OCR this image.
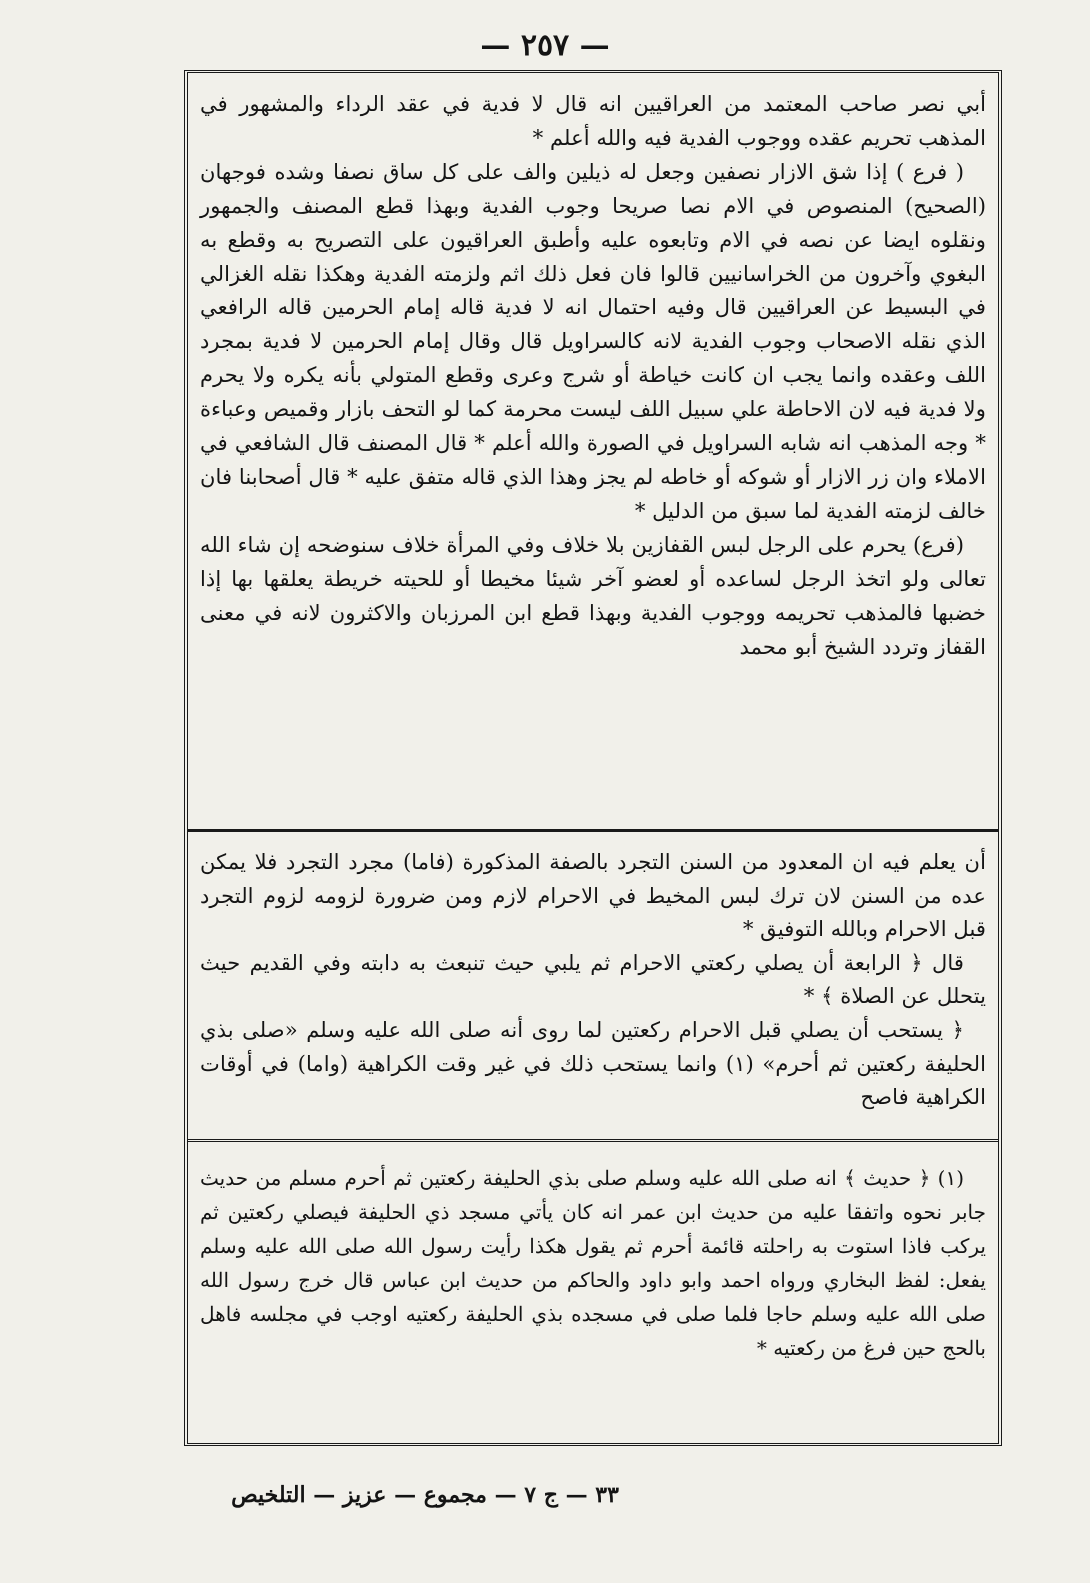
— ٢٥٧ —

أبي نصر صاحب المعتمد من العراقيين انه قال لا فدية في عقد الرداء والمشهور في المذهب تحريم عقده ووجوب الفدية فيه والله أعلم *

( فرع ) إذا شق الازار نصفين وجعل له ذيلين والف على كل ساق نصفا وشده فوجهان (الصحيح) المنصوص في الام نصا صريحا وجوب الفدية وبهذا قطع المصنف والجمهور ونقلوه ايضا عن نصه في الام وتابعوه عليه وأطبق العراقيون على التصريح به وقطع به البغوي وآخرون من الخراسانيين قالوا فان فعل ذلك اثم ولزمته الفدية وهكذا نقله الغزالي في البسيط عن العراقيين قال وفيه احتمال انه لا فدية قاله إمام الحرمين قاله الرافعي الذي نقله الاصحاب وجوب الفدية لانه كالسراويل قال وقال إمام الحرمين لا فدية بمجرد اللف وعقده وانما يجب ان كانت خياطة أو شرج وعرى وقطع المتولي بأنه يكره ولا يحرم ولا فدية فيه لان الاحاطة علي سبيل اللف ليست محرمة كما لو التحف بازار وقميص وعباءة * وجه المذهب انه شابه السراويل في الصورة والله أعلم * قال المصنف قال الشافعي في الاملاء وان زر الازار أو شوكه أو خاطه لم يجز وهذا الذي قاله متفق عليه * قال أصحابنا فان خالف لزمته الفدية لما سبق من الدليل *

(فرع) يحرم على الرجل لبس القفازين بلا خلاف وفي المرأة خلاف سنوضحه إن شاء الله تعالى ولو اتخذ الرجل لساعده أو لعضو آخر شيئا مخيطا أو للحيته خريطة يعلقها بها إذا خضبها فالمذهب تحريمه ووجوب الفدية وبهذا قطع ابن المرزبان والاكثرون لانه في معنى القفاز وتردد الشيخ أبو محمد

أن يعلم فيه ان المعدود من السنن التجرد بالصفة المذكورة (فاما) مجرد التجرد فلا يمكن عده من السنن لان ترك لبس المخيط في الاحرام لازم ومن ضرورة لزومه لزوم التجرد قبل الاحرام وبالله التوفيق *

قال ﴿ الرابعة أن يصلي ركعتي الاحرام ثم يلبي حيث تنبعث به دابته وفي القديم حيث يتحلل عن الصلاة ﴾ *

﴿ يستحب أن يصلي قبل الاحرام ركعتين لما روى أنه صلى الله عليه وسلم «صلى بذي الحليفة ركعتين ثم أحرم» (١) وانما يستحب ذلك في غير وقت الكراهية (واما) في أوقات الكراهية فاصح

(١) ﴿ حديث ﴾ انه صلى الله عليه وسلم صلى بذي الحليفة ركعتين ثم أحرم مسلم من حديث جابر نحوه واتفقا عليه من حديث ابن عمر انه كان يأتي مسجد ذي الحليفة فيصلي ركعتين ثم يركب فاذا استوت به راحلته قائمة أحرم ثم يقول هكذا رأيت رسول الله صلى الله عليه وسلم يفعل: لفظ البخاري ورواه احمد وابو داود والحاكم من حديث ابن عباس قال خرج رسول الله صلى الله عليه وسلم حاجا فلما صلى في مسجده بذي الحليفة ركعتيه اوجب في مجلسه فاهل بالحج حين فرغ من ركعتيه *

٣٣ — ج ٧ — مجموع — عزيز — التلخيص
